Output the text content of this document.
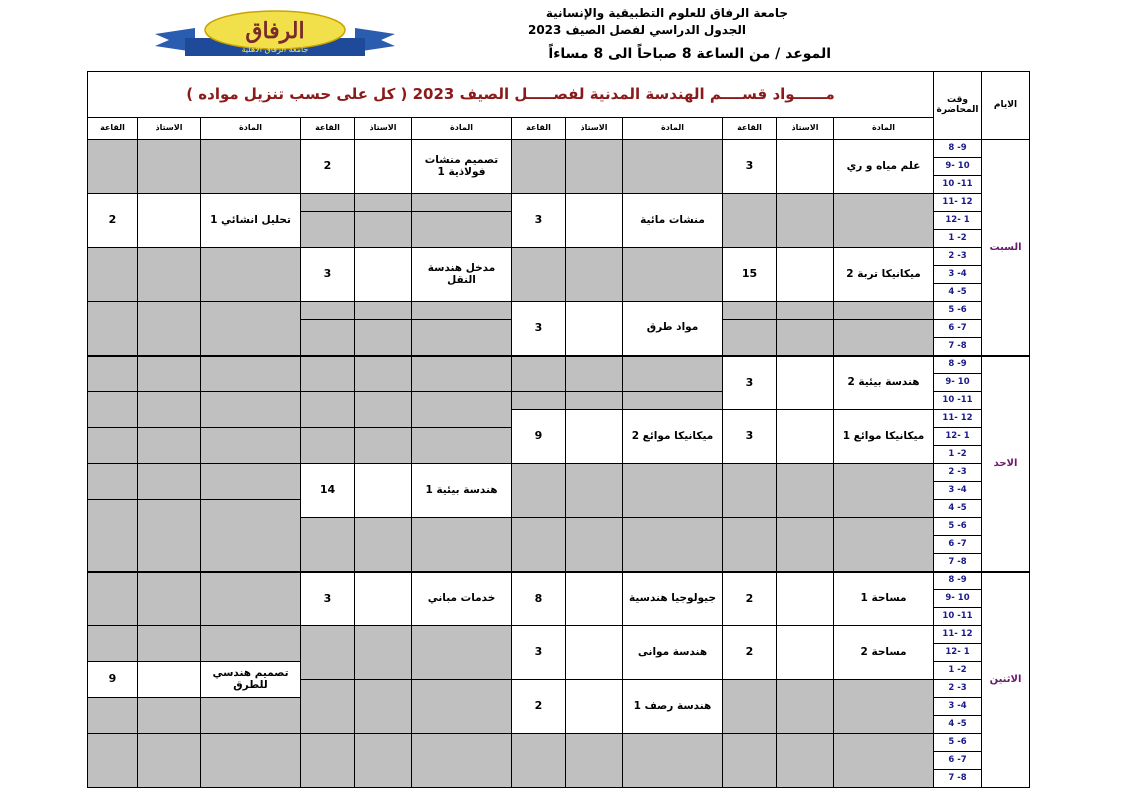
جامعة الرفاق للعلوم التطبيقية والإنسانية
الجدول الدراسي لفصل الصيف 2023
الموعد / من الساعة 8 صباحاً الى 8 مساءاً
الرفاق
جامعة الرفاق الاهلية
مــــــواد قســــم الهندسة المدنية لفصـــــل الصيف 2023 ( كل على حسب تنزيل مواده )												وقت المحاضرة	الايام
القاعة	الاستاذ	المادة	القاعة	الاستاذ	المادة	القاعة	الاستاذ	المادة	القاعة	الاستاذ	المادة		
			2		تصميم منشات فولاذية 1				3		علم مياه و ري	8 -9	السبت
												9- 10	
												10 -11	
2		تحليل انشائي 1				3		منشات مائية				11- 12	
												12- 1	
												1 -2	
			3		مدخل هندسة النقل				15		ميكانيكا تربة 2	2 -3	
												3 -4	
												4 -5	
						3		مواد طرق				5 -6	
												6 -7	
												7 -8	
									3		هندسة بيئية 2	8 -9	الاحد
												9- 10	
												10 -11	
						9		ميكانيكا موائع 2	3		ميكانيكا موائع 1	11- 12	
												12- 1	
												1 -2	
			14		هندسة بيئية 1							2 -3	
												3 -4	
												4 -5	
												5 -6	
												6 -7	
												7 -8	
			3		خدمات مباني	8		جيولوجيا هندسية	2		مساحة 1	8 -9	الاثنين
												9- 10	
												10 -11	
						3		هندسة موانى	2		مساحة 2	11- 12	
												12- 1	
9		تصميم هندسي للطرق										1 -2	
						2		هندسة رصف 1				2 -3	
												3 -4	
												4 -5	
												5 -6	
												6 -7	
												7 -8	
